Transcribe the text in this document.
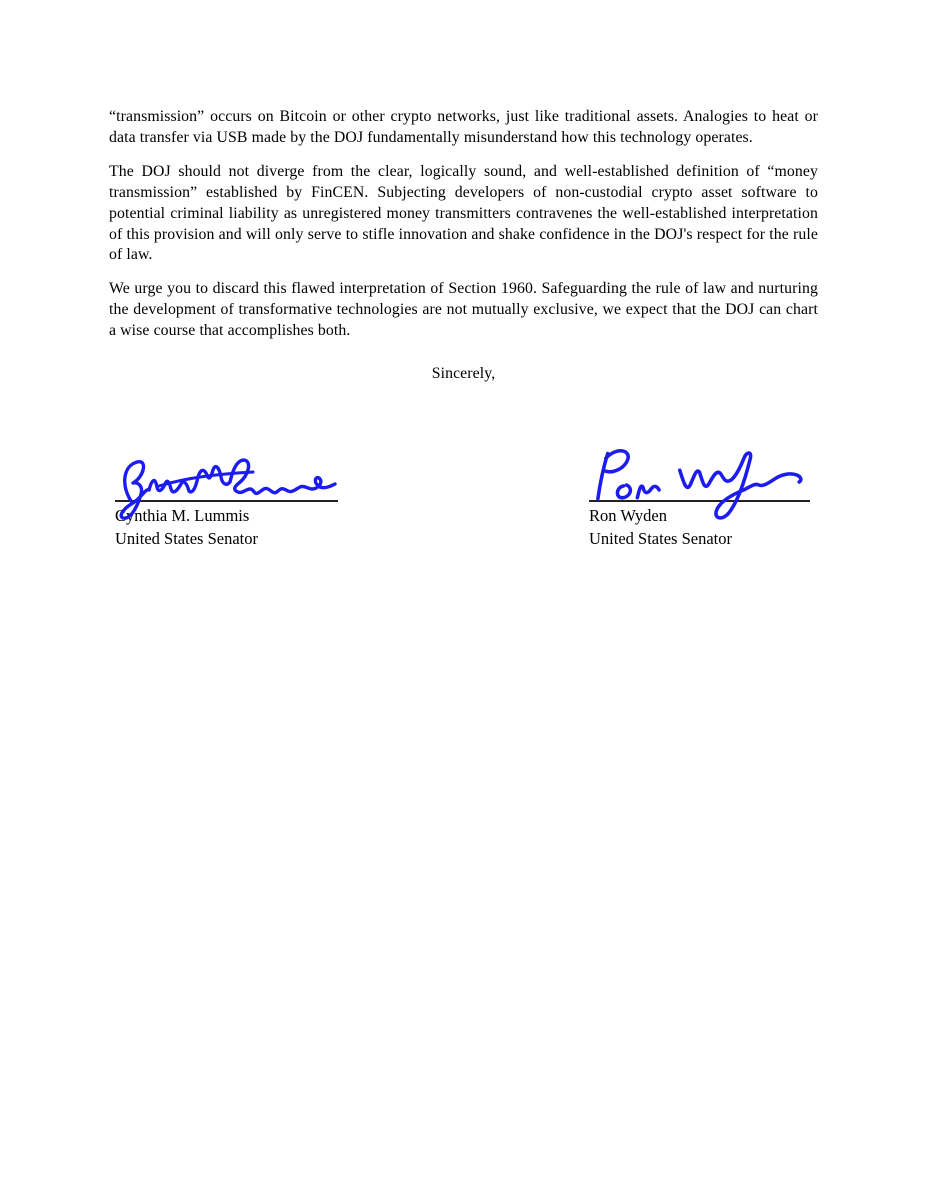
“transmission” occurs on Bitcoin or other crypto networks, just like traditional assets. Analogies to heat or data transfer via USB made by the DOJ fundamentally misunderstand how this technology operates.

The DOJ should not diverge from the clear, logically sound, and well-established definition of “money transmission” established by FinCEN. Subjecting developers of non-custodial crypto asset software to potential criminal liability as unregistered money transmitters contravenes the well-established interpretation of this provision and will only serve to stifle innovation and shake confidence in the DOJ's respect for the rule of law.

We urge you to discard this flawed interpretation of Section 1960. Safeguarding the rule of law and nurturing the development of transformative technologies are not mutually exclusive, we expect that the DOJ can chart a wise course that accomplishes both.

Sincerely,

Cynthia M. Lummis
United States Senator
Ron Wyden
United States Senator
